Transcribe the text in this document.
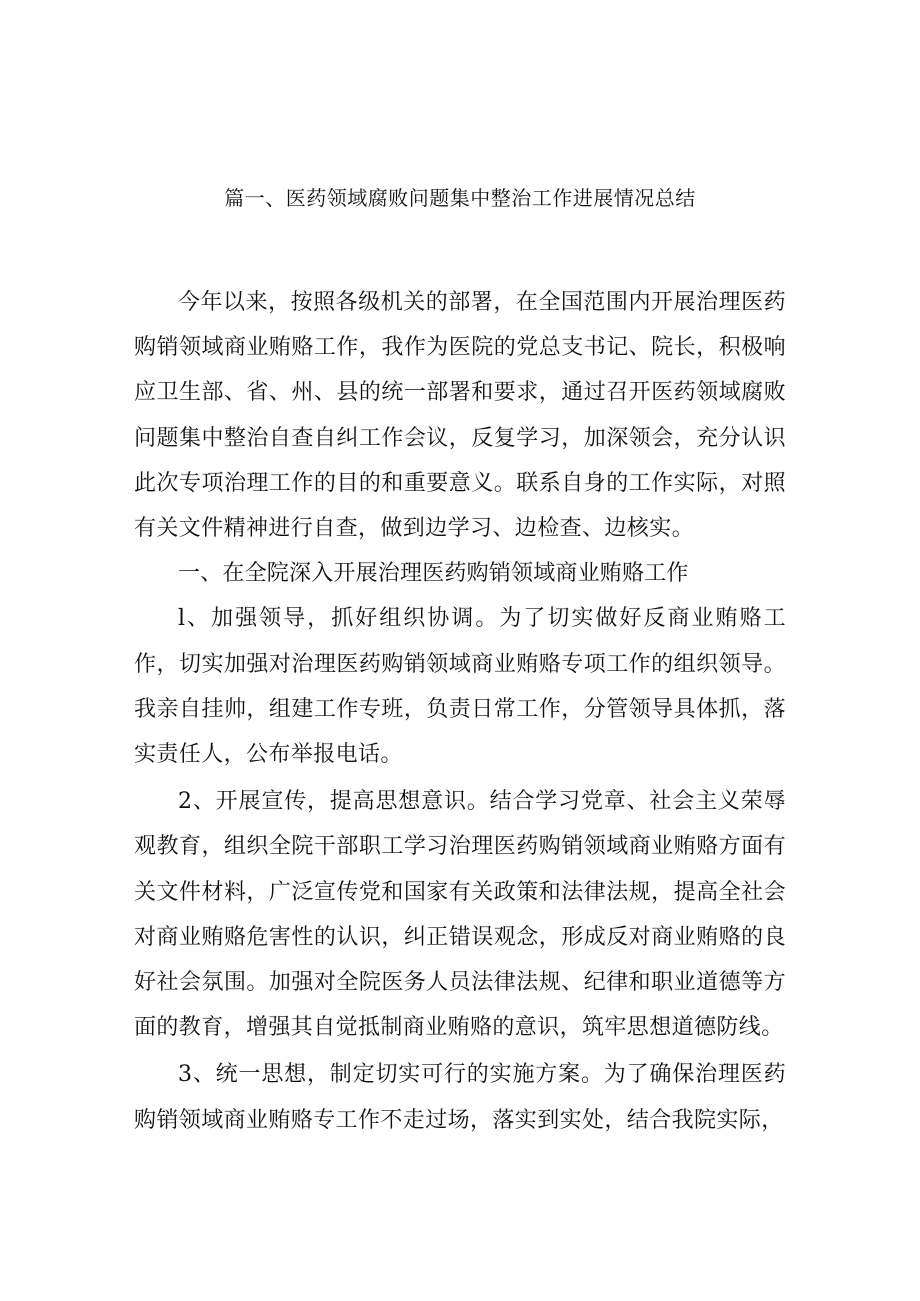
篇一、医药领域腐败问题集中整治工作进展情况总结

今年以来，按照各级机关的部署，在全国范围内开展治理医药购销领域商业贿赂工作，我作为医院的党总支书记、院长，积极响应卫生部、省、州、县的统一部署和要求，通过召开医药领域腐败问题集中整治自查自纠工作会议，反复学习，加深领会，充分认识此次专项治理工作的目的和重要意义。联系自身的工作实际，对照有关文件精神进行自查，做到边学习、边检查、边核实。

一、在全院深入开展治理医药购销领域商业贿赂工作

l、加强领导，抓好组织协调。为了切实做好反商业贿赂工作，切实加强对治理医药购销领域商业贿赂专项工作的组织领导。我亲自挂帅，组建工作专班，负责日常工作，分管领导具体抓，落实责任人，公布举报电话。

2、开展宣传，提高思想意识。结合学习党章、社会主义荣辱观教育，组织全院干部职工学习治理医药购销领域商业贿赂方面有关文件材料，广泛宣传党和国家有关政策和法律法规，提高全社会对商业贿赂危害性的认识，纠正错误观念，形成反对商业贿赂的良好社会氛围。加强对全院医务人员法律法规、纪律和职业道德等方面的教育，增强其自觉抵制商业贿赂的意识，筑牢思想道德防线。

3、统一思想，制定切实可行的实施方案。为了确保治理医药购销领域商业贿赂专工作不走过场，落实到实处，结合我院实际，
